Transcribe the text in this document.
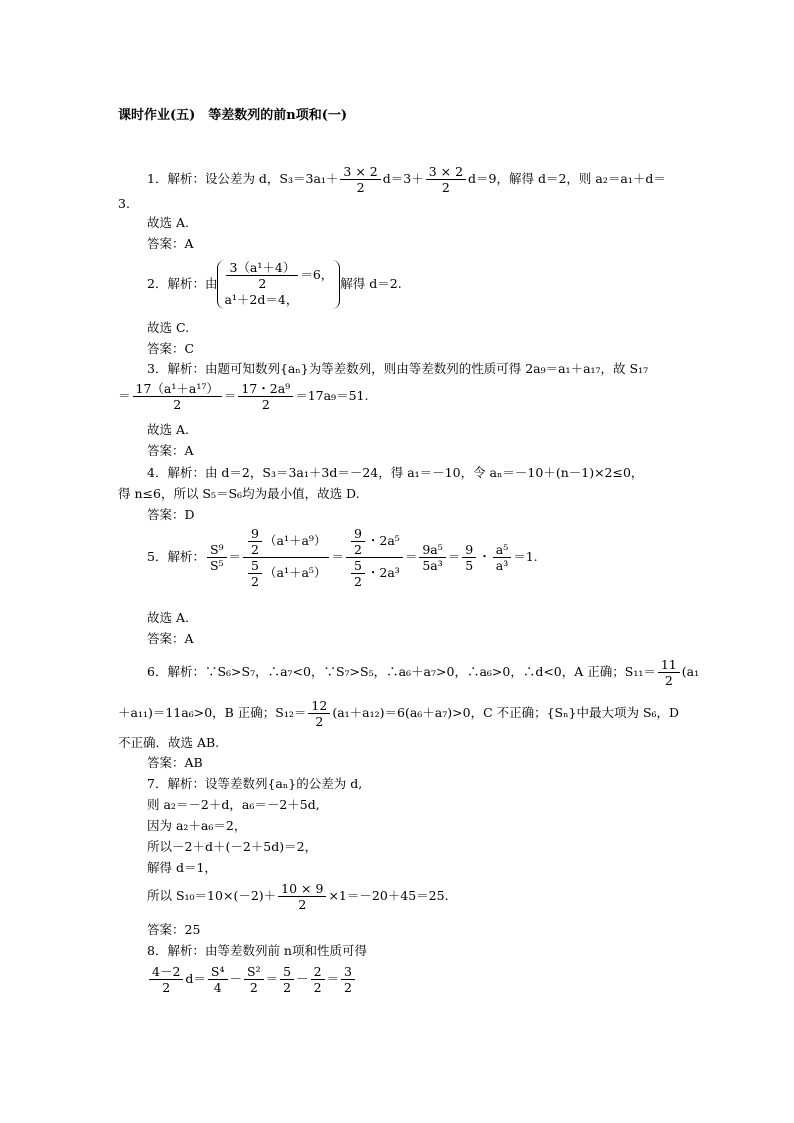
课时作业(五)　等差数列的前n项和(一)
1．解析：设公差为 d，$S_3=3a_1+ \frac{3 \times 2}{2} d=3+ \frac{3 \times 2}{2} d=9$，解得 d＝2，则 a₂＝a₁＋d＝
3.
故选 A.
答案：A
2．解析：由 $\frac{\text{3（a¹＋4）}}{2} =6$，
a¹＋2d＝4，
解得 d＝2.
故选 C.
答案：C
3．解析：由题可知数列{aₙ}为等差数列，则由等差数列的性质可得 2a₉＝a₁＋a₁₇，故 S₁₇
＝ $\frac{\text{17（a¹＋a¹⁷）}}{2} = \frac{\text{17・2a⁹}}{2} =17a_9=51$.
故选 A.
答案：A
4．解析：由 d＝2，S₃＝3a₁＋3d＝－24，得 a₁＝－10，令 aₙ＝－10＋(n－1)×2≤0，
得 n≤6，所以 S₅＝S₆均为最小值，故选 D.
答案：D
5．解析： $\frac{\text{S⁹}}{\text{S⁵}} = \frac{\frac{9}{2} (a^1+a^9)}{\frac{5}{2} (a^1+a^5)} = \frac{\frac{9}{2} ・2a^5}{\frac{5}{2} ・2a^3} = \frac{\text{9a⁵}}{\text{5a³}} = \frac{9}{5}$ ・ $\frac{\text{a⁵}}{\text{a³}} =1$.
故选 A.
答案：A
6．解析：∵S₆>S₇，∴a₇<0，∵S₇>S₅，∴a₆＋a₇>0，∴a₆>0，∴d<0，A 正确；$S_{11}= \frac{11}{2} (a_1$
＋a₁₁)＝11a₆>0，B 正确；$S_{12}= \frac{12}{2} (a_1+a_{12})=6(a_6+a_7)>0$，C 不正确；{Sₙ}中最大项为 S₆，D
不正确．故选 AB.
答案：AB
7．解析：设等差数列{aₙ}的公差为 d,
则 a₂＝－2＋d，a₆＝－2＋5d,
因为 a₂＋a₆＝2，
所以－2＋d＋(－2＋5d)＝2，
解得 d＝1，
所以 $S_{10}=10\times(-2)+ \frac{10 \times 9}{2} \times 1=-20+45=25$.
答案：25
8．解析：由等差数列前 n项和性质可得
$\frac{4-2}{2} d= \frac{\text{S⁴}}{4} - \frac{\text{S²}}{2} = \frac{5}{2} - \frac{2}{2} = \frac{3}{2}$
